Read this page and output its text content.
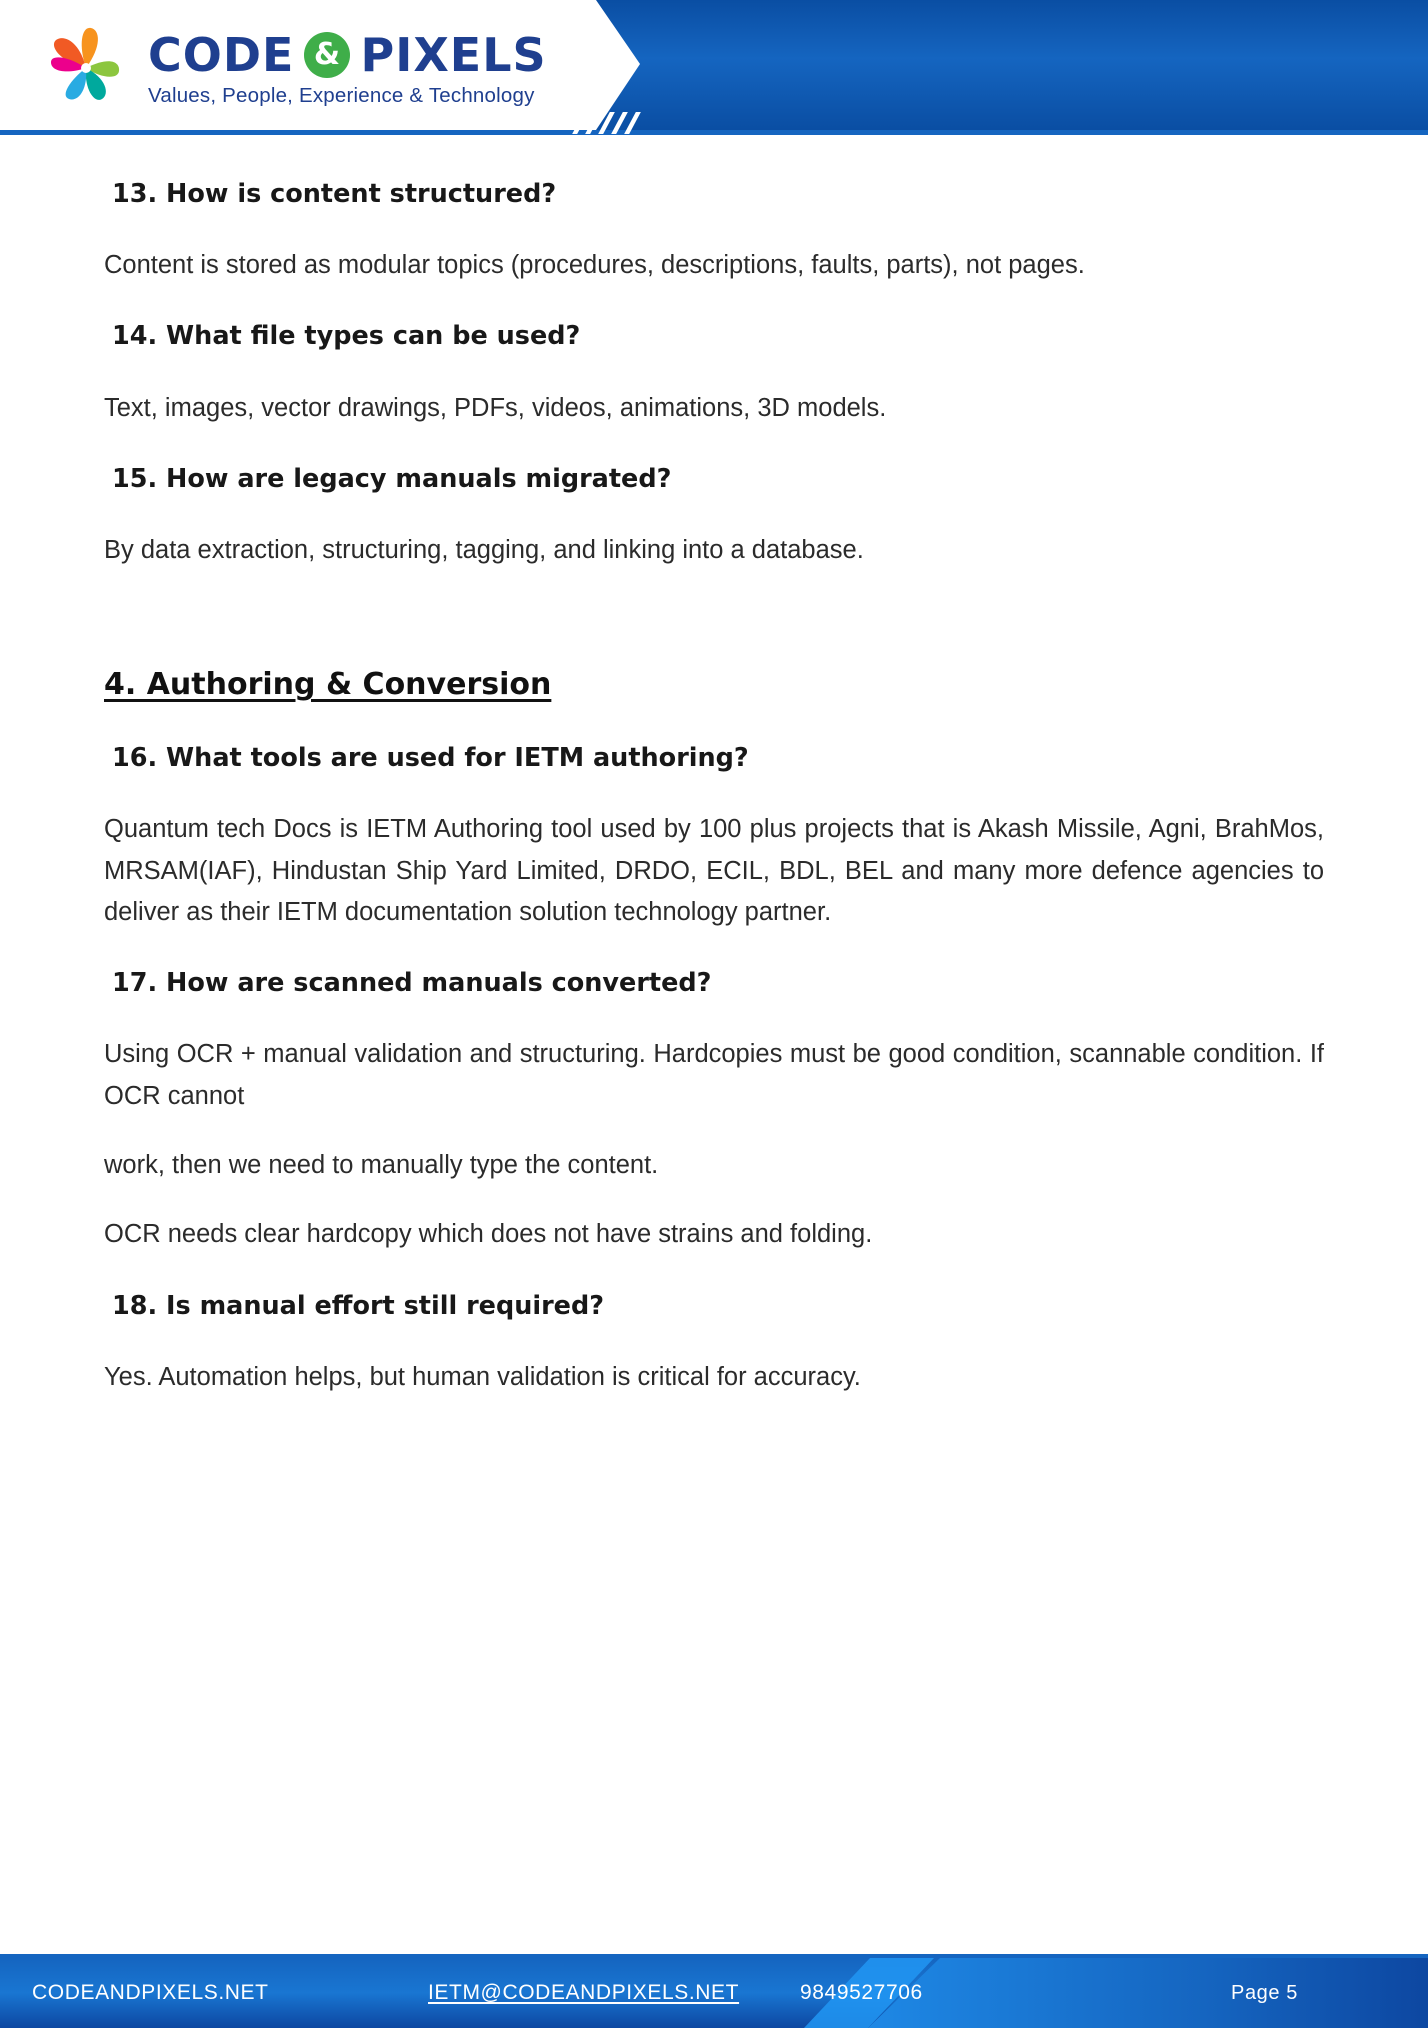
CODE & PIXELS
Values, People, Experience & Technology
13. How is content structured?

Content is stored as modular topics (procedures, descriptions, faults, parts), not pages.

14. What file types can be used?

Text, images, vector drawings, PDFs, videos, animations, 3D models.

15. How are legacy manuals migrated?

By data extraction, structuring, tagging, and linking into a database.

4. Authoring & Conversion
16. What tools are used for IETM authoring?

Quantum tech Docs is IETM Authoring tool used by 100 plus projects that is Akash Missile, Agni, BrahMos, MRSAM(IAF), Hindustan Ship Yard Limited, DRDO, ECIL, BDL, BEL and many more defence agencies to deliver as their IETM documentation solution technology partner.

17. How are scanned manuals converted?

Using OCR + manual validation and structuring. Hardcopies must be good condition, scannable condition. If OCR cannot

work, then we need to manually type the content.

OCR needs clear hardcopy which does not have strains and folding.

18. Is manual effort still required?

Yes. Automation helps, but human validation is critical for accuracy.

CODEANDPIXELS.NET	IETM@CODEANDPIXELS.NET	9849527706	Page 5
